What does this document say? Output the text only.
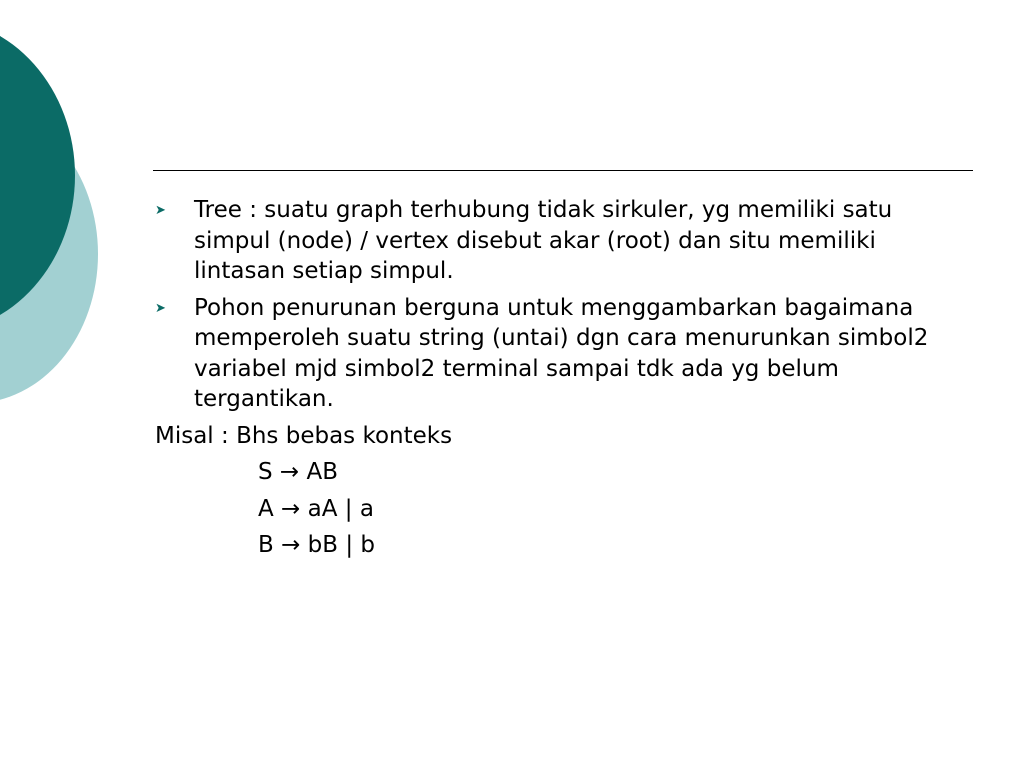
➤ Tree : suatu graph terhubung tidak sirkuler, yg memiliki satu simpul (node) / vertex disebut akar (root) dan situ memiliki lintasan setiap simpul.
➤ Pohon penurunan berguna untuk menggambarkan bagaimana memperoleh suatu string (untai) dgn cara menurunkan simbol2 variabel mjd simbol2 terminal sampai tdk ada yg belum tergantikan.
Misal : Bhs bebas konteks
S → AB
A → aA | a
B → bB | b
